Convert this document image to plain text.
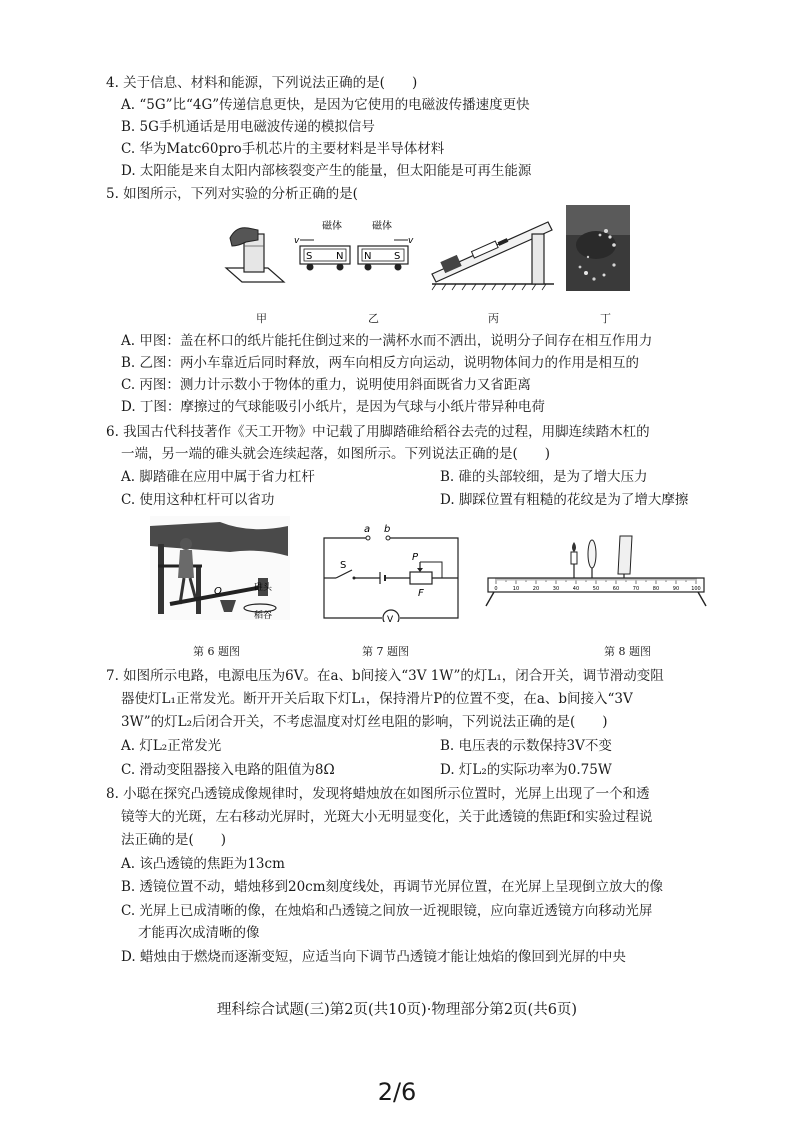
4. 关于信息、材料和能源，下列说法正确的是(　　)
A. “5G”比“4G”传递信息更快，是因为它使用的电磁波传播速度更快
B. 5G手机通话是用电磁波传递的模拟信号
C. 华为Matc60pro手机芯片的主要材料是半导体材料
D. 太阳能是来自太阳内部核裂变产生的能量，但太阳能是可再生能源
5. 如图所示，下列对实验的分析正确的是(
磁体	磁体
v	v
S N N S
甲	乙	丙	丁
A. 甲图：盖在杯口的纸片能托住倒过来的一满杯水而不洒出，说明分子间存在相互作用力
B. 乙图：两小车靠近后同时释放，两车向相反方向运动，说明物体间力的作用是相互的
C. 丙图：测力计示数小于物体的重力，说明使用斜面既省力又省距离
D. 丁图：摩擦过的气球能吸引小纸片，是因为气球与小纸片带异种电荷
6. 我国古代科技著作《天工开物》中记载了用脚踏碓给稻谷去壳的过程，用脚连续踏木杠的
一端，另一端的碓头就会连续起落，如图所示。下列说法正确的是(　　)
A. 脚踏碓在应用中属于省力杠杆	B. 碓的头部较细，是为了增大压力
C. 使用这种杠杆可以省功	D. 脚踩位置有粗糙的花纹是为了增大摩擦
O	碓头
稻谷
a b
V
S
P
F	0	10	20	30	40	50	60	70	80	90 100
第 6 题图	第 7 题图	第 8 题图
7. 如图所示电路，电源电压为6V。在a、b间接入“3V 1W”的灯L₁，闭合开关，调节滑动变阻
器使灯L₁正常发光。断开开关后取下灯L₁，保持滑片P的位置不变，在a、b间接入“3V
3W”的灯L₂后闭合开关，不考虑温度对灯丝电阻的影响，下列说法正确的是(　　)
A. 灯L₂正常发光	B. 电压表的示数保持3V不变
C. 滑动变阻器接入电路的阻值为8Ω	D. 灯L₂的实际功率为0.75W
8. 小聪在探究凸透镜成像规律时，发现将蜡烛放在如图所示位置时，光屏上出现了一个和透
镜等大的光斑，左右移动光屏时，光斑大小无明显变化，关于此透镜的焦距f和实验过程说
法正确的是(　　)
A. 该凸透镜的焦距为13cm
B. 透镜位置不动，蜡烛移到20cm刻度线处，再调节光屏位置，在光屏上呈现倒立放大的像
C. 光屏上已成清晰的像，在烛焰和凸透镜之间放一近视眼镜，应向靠近透镜方向移动光屏
才能再次成清晰的像
D. 蜡烛由于燃烧而逐渐变短，应适当向下调节凸透镜才能让烛焰的像回到光屏的中央
理科综合试题(三)第2页(共10页)·物理部分第2页(共6页)
2/6
